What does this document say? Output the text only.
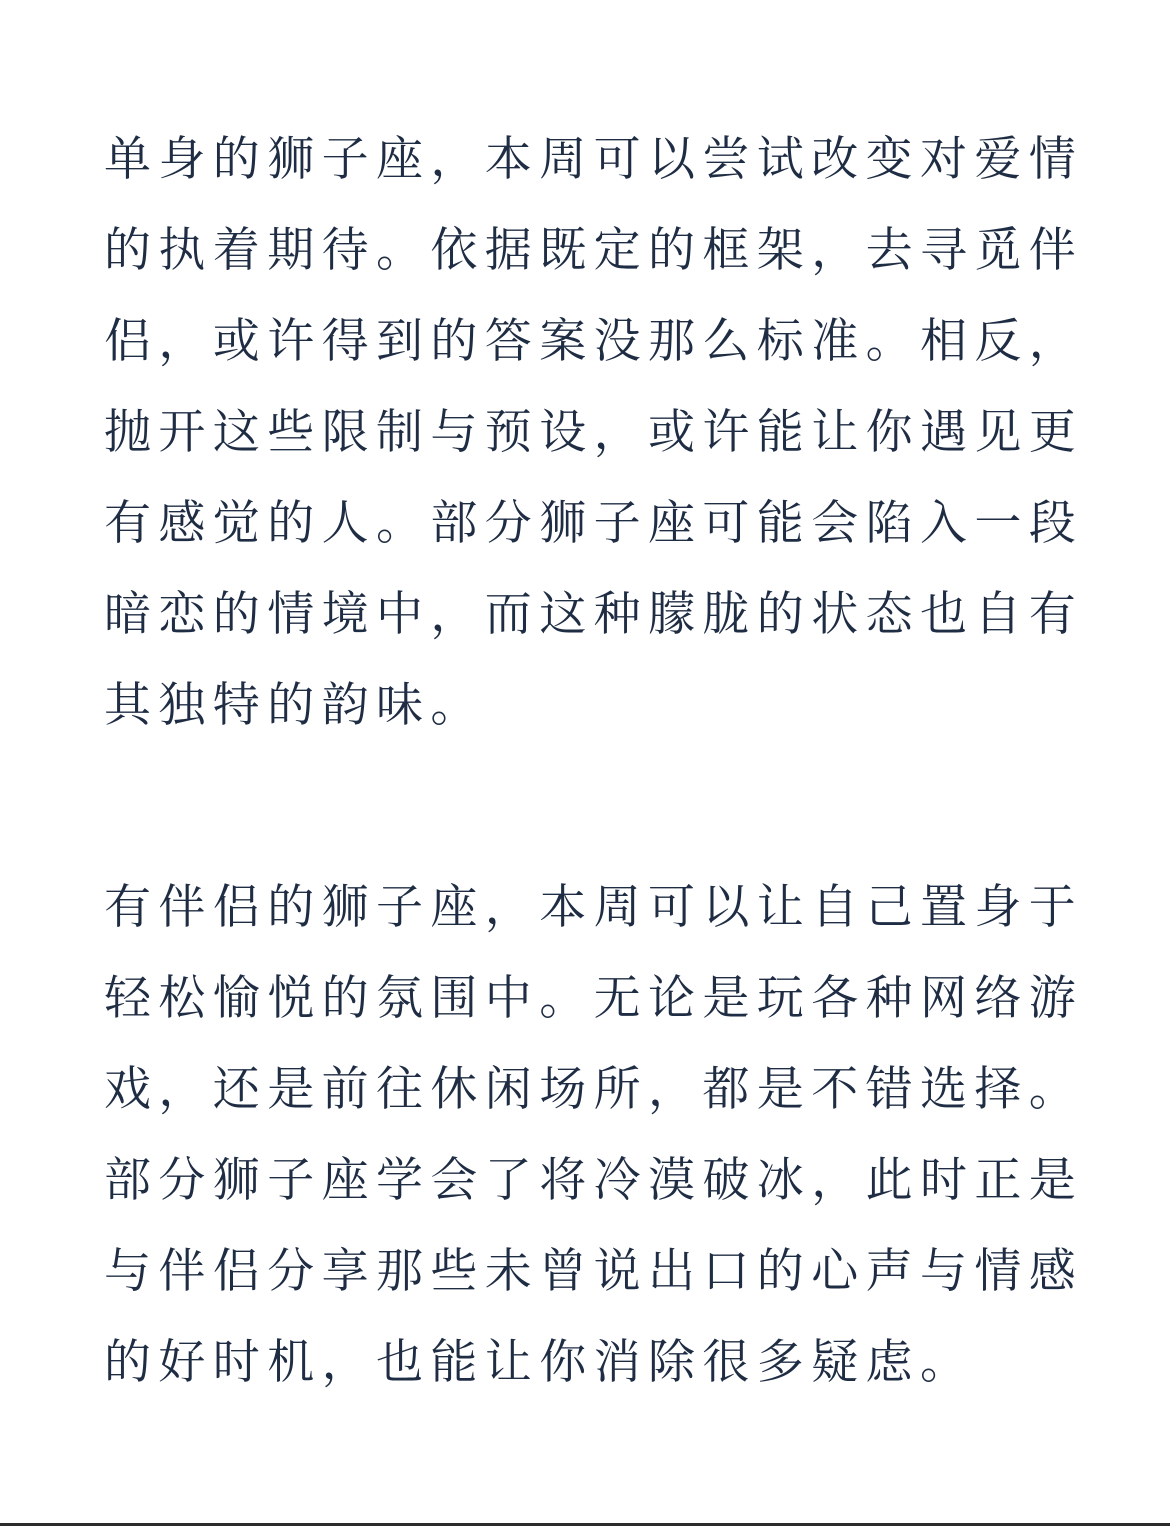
单身的狮子座，本周可以尝试改变对爱情
的执着期待。依据既定的框架，去寻觅伴
侣，或许得到的答案没那么标准。相反，
抛开这些限制与预设，或许能让你遇见更
有感觉的人。部分狮子座可能会陷入一段
暗恋的情境中，而这种朦胧的状态也自有
其独特的韵味。
有伴侣的狮子座，本周可以让自己置身于
轻松愉悦的氛围中。无论是玩各种网络游
戏，还是前往休闲场所，都是不错选择。
部分狮子座学会了将冷漠破冰，此时正是
与伴侣分享那些未曾说出口的心声与情感
的好时机，也能让你消除很多疑虑。
